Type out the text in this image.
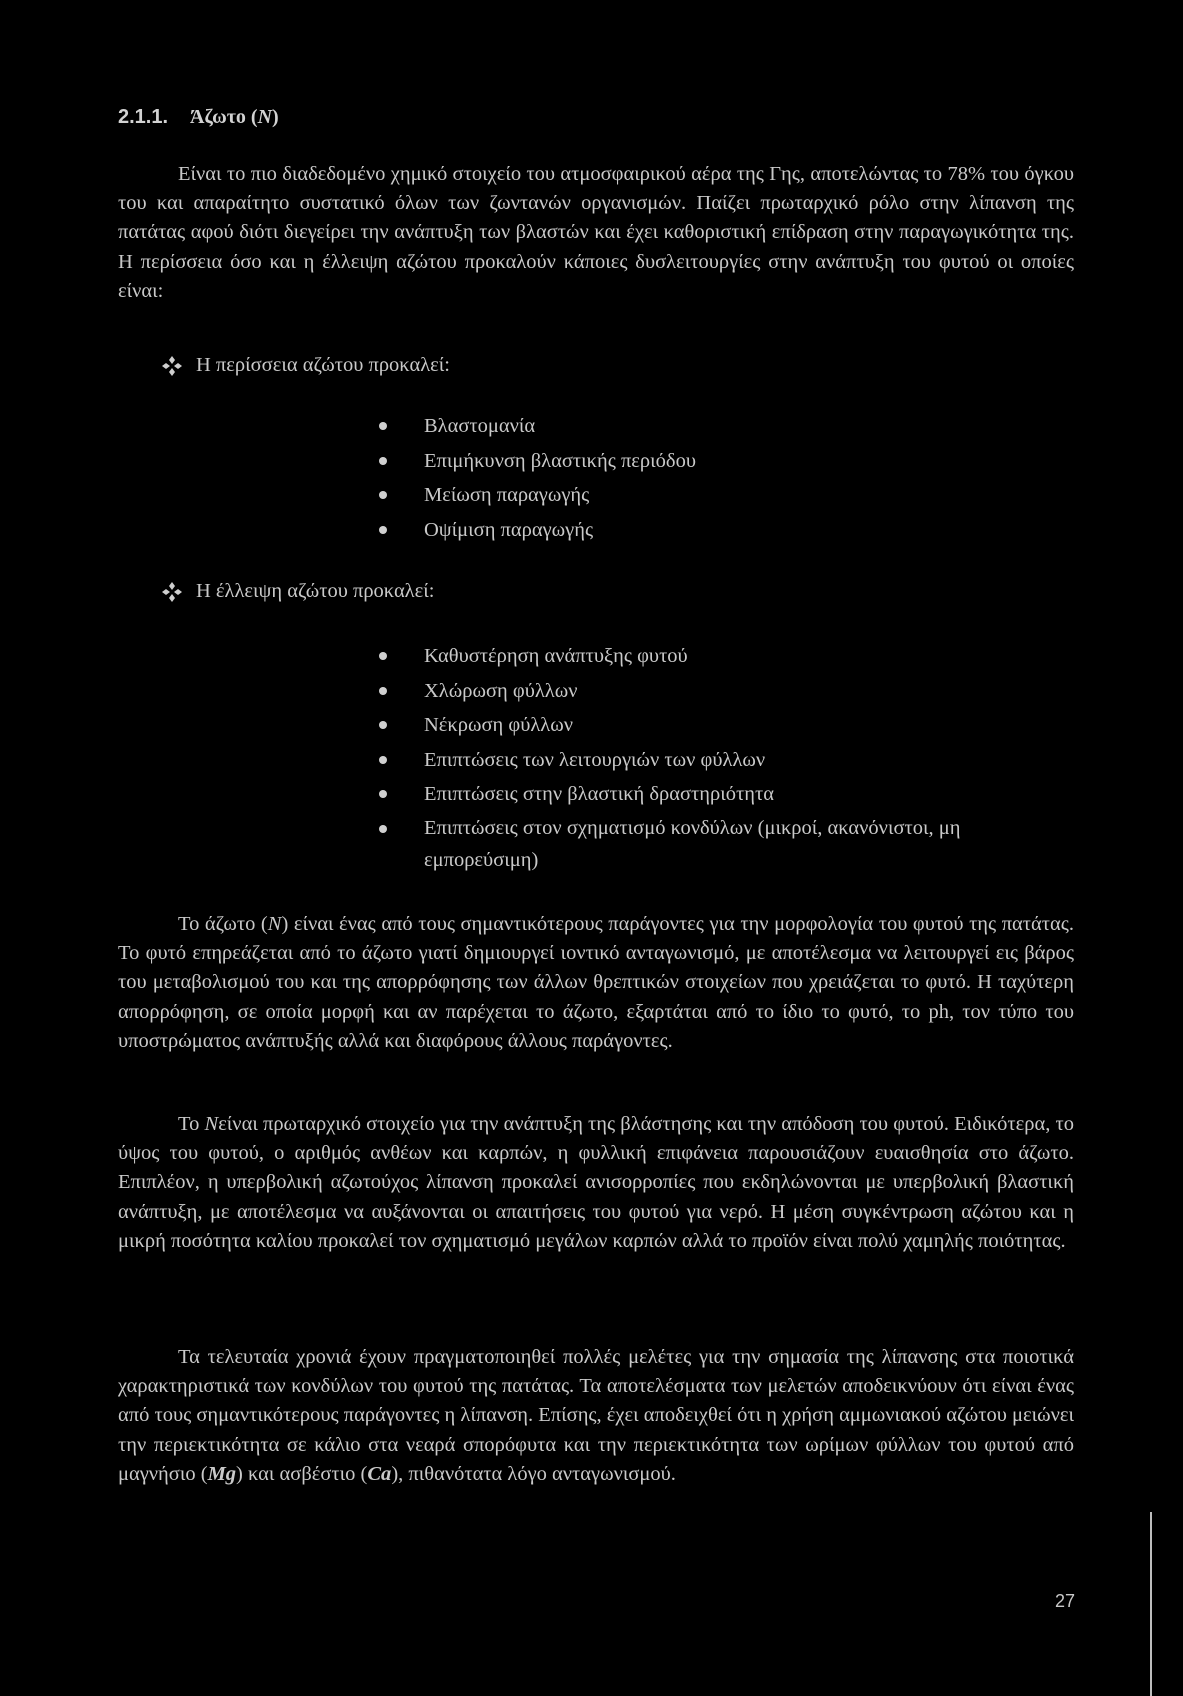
2.1.1. Άζωτο (N)
Είναι το πιο διαδεδομένο χημικό στοιχείο του ατμοσφαιρικού αέρα της Γης, αποτελώντας το 78% του όγκου του και απαραίτητο συστατικό όλων των ζωντανών οργανισμών. Παίζει πρωταρχικό ρόλο στην λίπανση της πατάτας αφού διότι διεγείρει την ανάπτυξη των βλαστών και έχει καθοριστική επίδραση στην παραγωγικότητα της. Η περίσσεια όσο και η έλλειψη αζώτου προκαλούν κάποιες δυσλειτουργίες στην ανάπτυξη του φυτού οι οποίες είναι:
Η περίσσεια αζώτου προκαλεί:
Βλαστομανία
Επιμήκυνση βλαστικής περιόδου
Μείωση παραγωγής
Οψίμιση παραγωγής
Η έλλειψη αζώτου προκαλεί:
Καθυστέρηση ανάπτυξης φυτού
Χλώρωση φύλλων
Νέκρωση φύλλων
Επιπτώσεις των λειτουργιών των φύλλων
Επιπτώσεις στην βλαστική δραστηριότητα
Επιπτώσεις στον σχηματισμό κονδύλων (μικροί, ακανόνιστοι, μη εμπορεύσιμη)
Το άζωτο (N) είναι ένας από τους σημαντικότερους παράγοντες για την μορφολογία του φυτού της πατάτας. Το φυτό επηρεάζεται από το άζωτο γιατί δημιουργεί ιοντικό ανταγωνισμό, με αποτέλεσμα να λειτουργεί εις βάρος του μεταβολισμού του και της απορρόφησης των άλλων θρεπτικών στοιχείων που χρειάζεται το φυτό. Η ταχύτερη απορρόφηση, σε οποία μορφή και αν παρέχεται το άζωτο, εξαρτάται από το ίδιο το φυτό, το ph, τον τύπο του υποστρώματος ανάπτυξής αλλά και διαφόρους άλλους παράγοντες.
Το Nείναι πρωταρχικό στοιχείο για την ανάπτυξη της βλάστησης και την απόδοση του φυτού. Ειδικότερα, το ύψος του φυτού, ο αριθμός ανθέων και καρπών, η φυλλική επιφάνεια παρουσιάζουν ευαισθησία στο άζωτο. Επιπλέον, η υπερβολική αζωτούχος λίπανση προκαλεί ανισορροπίες που εκδηλώνονται με υπερβολική βλαστική ανάπτυξη, με αποτέλεσμα να αυξάνονται οι απαιτήσεις του φυτού για νερό. Η μέση συγκέντρωση αζώτου και η μικρή ποσότητα καλίου προκαλεί τον σχηματισμό μεγάλων καρπών αλλά το προϊόν είναι πολύ χαμηλής ποιότητας.
Τα τελευταία χρονιά έχουν πραγματοποιηθεί πολλές μελέτες για την σημασία της λίπανσης στα ποιοτικά χαρακτηριστικά των κονδύλων του φυτού της πατάτας. Τα αποτελέσματα των μελετών αποδεικνύουν ότι είναι ένας από τους σημαντικότερους παράγοντες η λίπανση. Επίσης, έχει αποδειχθεί ότι η χρήση αμμωνιακού αζώτου μειώνει την περιεκτικότητα σε κάλιο στα νεαρά σπορόφυτα και την περιεκτικότητα των ωρίμων φύλλων του φυτού από μαγνήσιο (Mg) και ασβέστιο (Ca), πιθανότατα λόγο ανταγωνισμού.
27
